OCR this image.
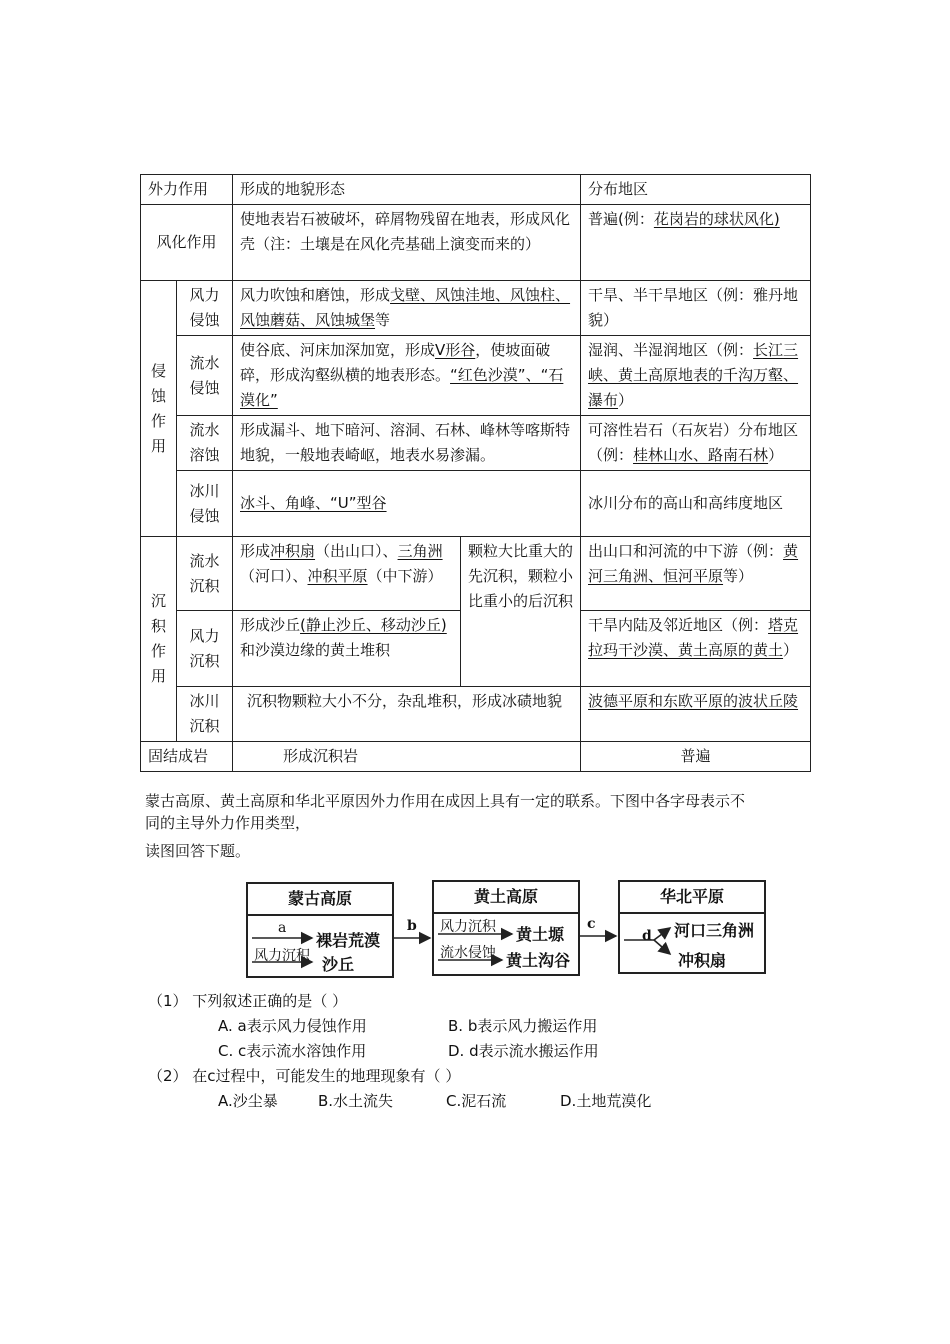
外力作用		形成的地貌形态		分布地区
风化作用		使地表岩石被破坏，碎屑物残留在地表，形成风化壳（注：土壤是在风化壳基础上演变而来的）		普遍(例：花岗岩的球状风化)
侵蚀作用	风力侵蚀	风力吹蚀和磨蚀，形成戈壁、风蚀洼地、风蚀柱、风蚀蘑菇、风蚀城堡等		干旱、半干旱地区（例：雅丹地貌）
	流水侵蚀	使谷底、河床加深加宽，形成V形谷，使坡面破碎，形成沟壑纵横的地表形态。“红色沙漠”、“石漠化”		湿润、半湿润地区（例：长江三峡、黄土高原地表的千沟万壑、瀑布）
	流水溶蚀	形成漏斗、地下暗河、溶洞、石林、峰林等喀斯特地貌，一般地表崎岖，地表水易渗漏。		可溶性岩石（石灰岩）分布地区（例：桂林山水、路南石林）
	冰川侵蚀	冰斗、角峰、“U”型谷		冰川分布的高山和高纬度地区
沉积作用	流水沉积	形成冲积扇（出山口）、三角洲（河口）、冲积平原（中下游）	颗粒大比重大的先沉积，颗粒小比重小的后沉积	出山口和河流的中下游（例：黄河三角洲、恒河平原等）
	风力沉积	形成沙丘(静止沙丘、移动沙丘)和沙漠边缘的黄土堆积		干旱内陆及邻近地区（例：塔克拉玛干沙漠、黄土高原的黄土）
	冰川沉积	沉积物颗粒大小不分，杂乱堆积，形成冰碛地貌		波德平原和东欧平原的波状丘陵
固结成岩		形成沉积岩		普遍
蒙古高原、黄土高原和华北平原因外力作用在成因上具有一定的联系。下图中各字母表示不
同的主导外力作用类型，
读图回答下题。
蒙古高原
a
裸岩荒漠
风力沉积 沙丘
b
黄土高原
风力沉积 黄土塬
流水侵蚀 黄土沟谷
c
华北平原
d 河口三角洲
冲积扇
（1） 下列叙述正确的是（ ）
A. a表示风力侵蚀作用	B. b表示风力搬运作用
C. c表示流水溶蚀作用	D. d表示流水搬运作用
（2） 在c过程中，可能发生的地理现象有（ ）
A.沙尘暴	B.水土流失	C.泥石流	D.土地荒漠化
